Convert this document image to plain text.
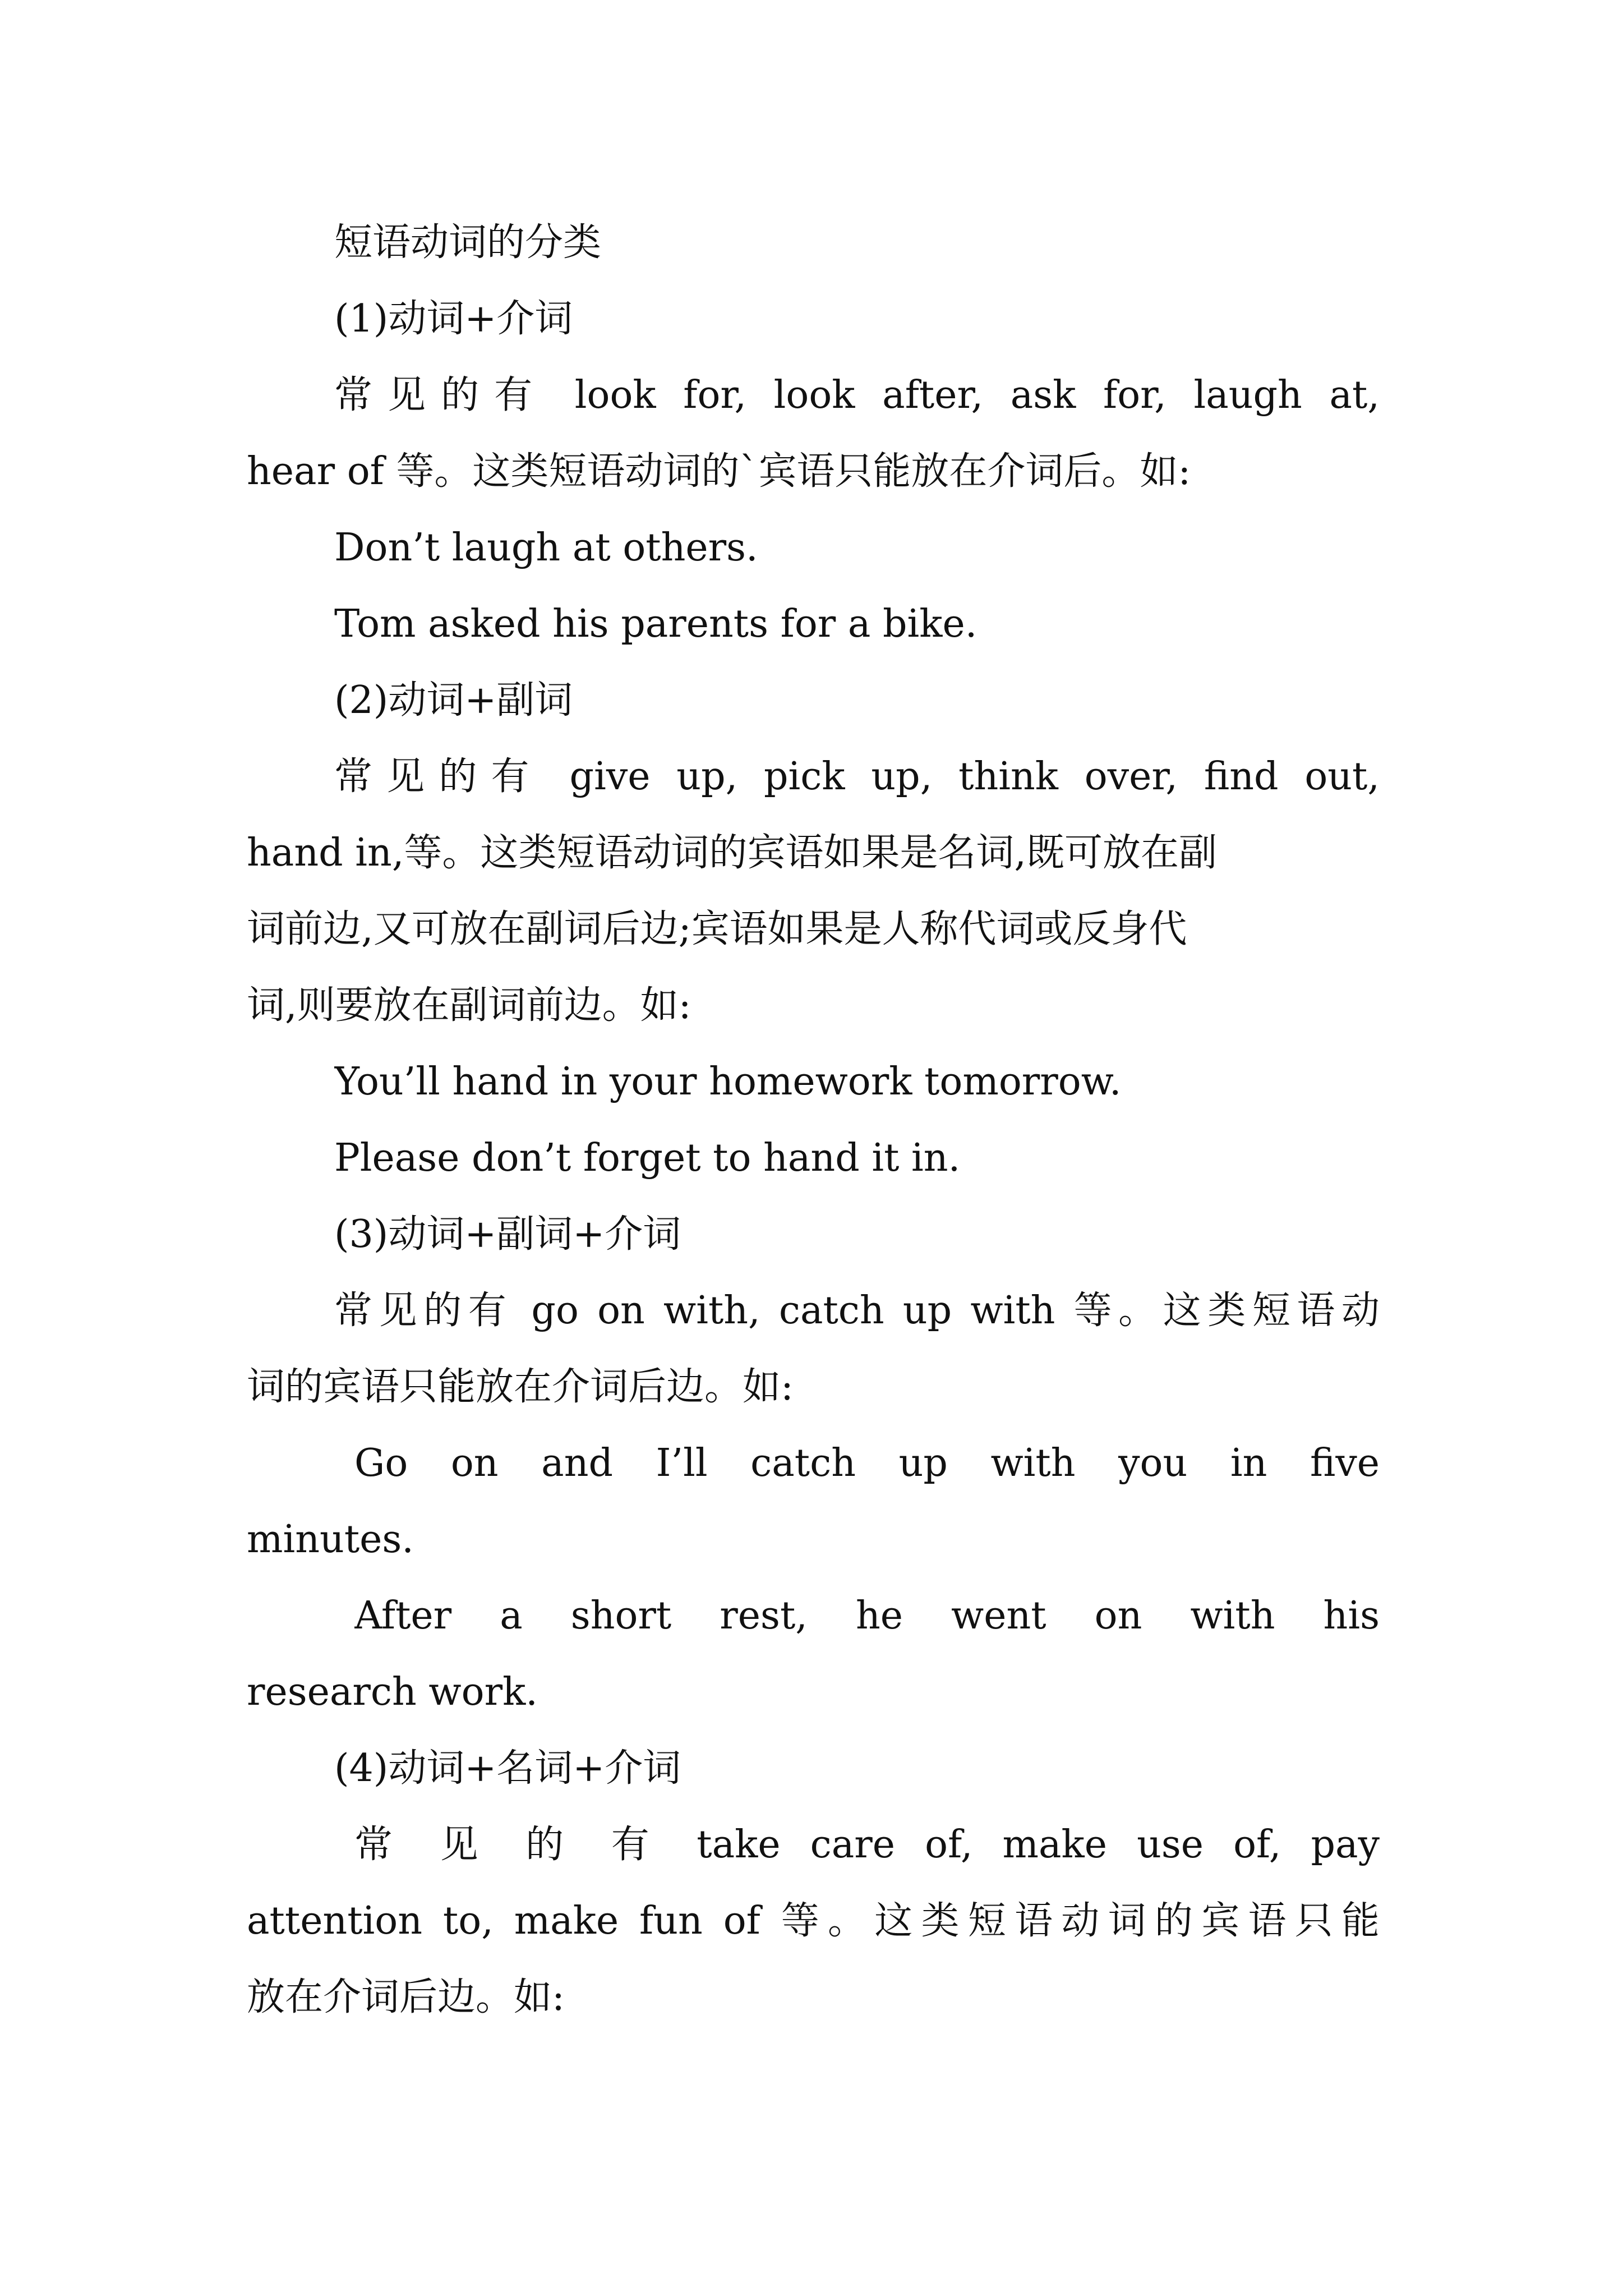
短语动词的分类
(1)动词+介词
常见的有 look for, look after, ask for, laugh at,
hear of 等。这类短语动词的`宾语只能放在介词后。如:
Don’t laugh at others.
Tom asked his parents for a bike.
(2)动词+副词
常见的有 give up, pick up, think over, find out,
hand in,等。这类短语动词的宾语如果是名词,既可放在副
词前边,又可放在副词后边;宾语如果是人称代词或反身代
词,则要放在副词前边。如:
You’ll hand in your homework tomorrow.
Please don’t forget to hand it in.
(3)动词+副词+介词
常见的有 go on with, catch up with 等。这类短语动
词的宾语只能放在介词后边。如:
Go on and I’ll catch up with you in five
minutes.
After a short rest, he went on with his
research work.
(4)动词+名词+介词
常 见 的 有 take care of, make use of, pay
attention to, make fun of 等。这类短语动词的宾语只能
放在介词后边。如:
